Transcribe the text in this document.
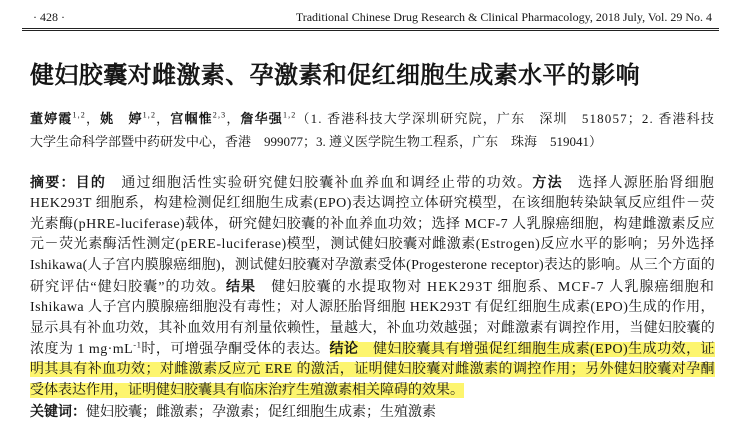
· 428 ·	Traditional Chinese Drug Research & Clinical Pharmacology, 2018 July, Vol. 29 No. 4
健妇胶囊对雌激素、孕激素和促红细胞生成素水平的影响
董婷霞$^{1,2}$，姚　婷$^{1,2}$，宫帼惟$^{2,3}$，詹华强$^{1,2}$（1. 香港科技大学深圳研究院，广东　深圳　518057；2. 香港科技
大学生命科学部暨中药研发中心，香港　999077；3. 遵义医学院生物工程系，广东　珠海　519041）
摘要：目的　通过细胞活性实验研究健妇胶囊补血养血和调经止带的功效。方法　选择人源胚胎肾细胞
HEK293T 细胞系，构建检测促红细胞生成素(EPO)表达调控立体研究模型，在该细胞转染缺氧反应组件－荧
光素酶(pHRE-luciferase)载体，研究健妇胶囊的补血养血功效；选择 MCF-7 人乳腺癌细胞，构建雌激素反应
元－荧光素酶活性测定(pERE-luciferase)模型，测试健妇胶囊对雌激素(Estrogen)反应水平的影响；另外选择
Ishikawa(人子宫内膜腺癌细胞)，测试健妇胶囊对孕激素受体(Progesterone receptor)表达的影响。从三个方面的
研究评估“健妇胶囊”的功效。结果　健妇胶囊的水提取物对 HEK293T 细胞系、MCF-7 人乳腺癌细胞和
Ishikawa 人子宫内膜腺癌细胞没有毒性；对人源胚胎肾细胞 HEK293T 有促红细胞生成素(EPO)生成的作用，
显示具有补血功效，其补血效用有剂量依赖性，量越大，补血功效越强；对雌激素有调控作用，当健妇胶囊的
浓度为 1 $mg\cdot mL^{-1}$时，可增强孕酮受体的表达。结论　健妇胶囊具有增强促红细胞生成素(EPO)生成功效，证
明其具有补血功效；对雌激素反应元 ERE 的激活，证明健妇胶囊对雌激素的调控作用；另外健妇胶囊对孕酮
受体表达作用，证明健妇胶囊具有临床治疗生殖激素相关障碍的效果。
关键词：健妇胶囊；雌激素；孕激素；促红细胞生成素；生殖激素
